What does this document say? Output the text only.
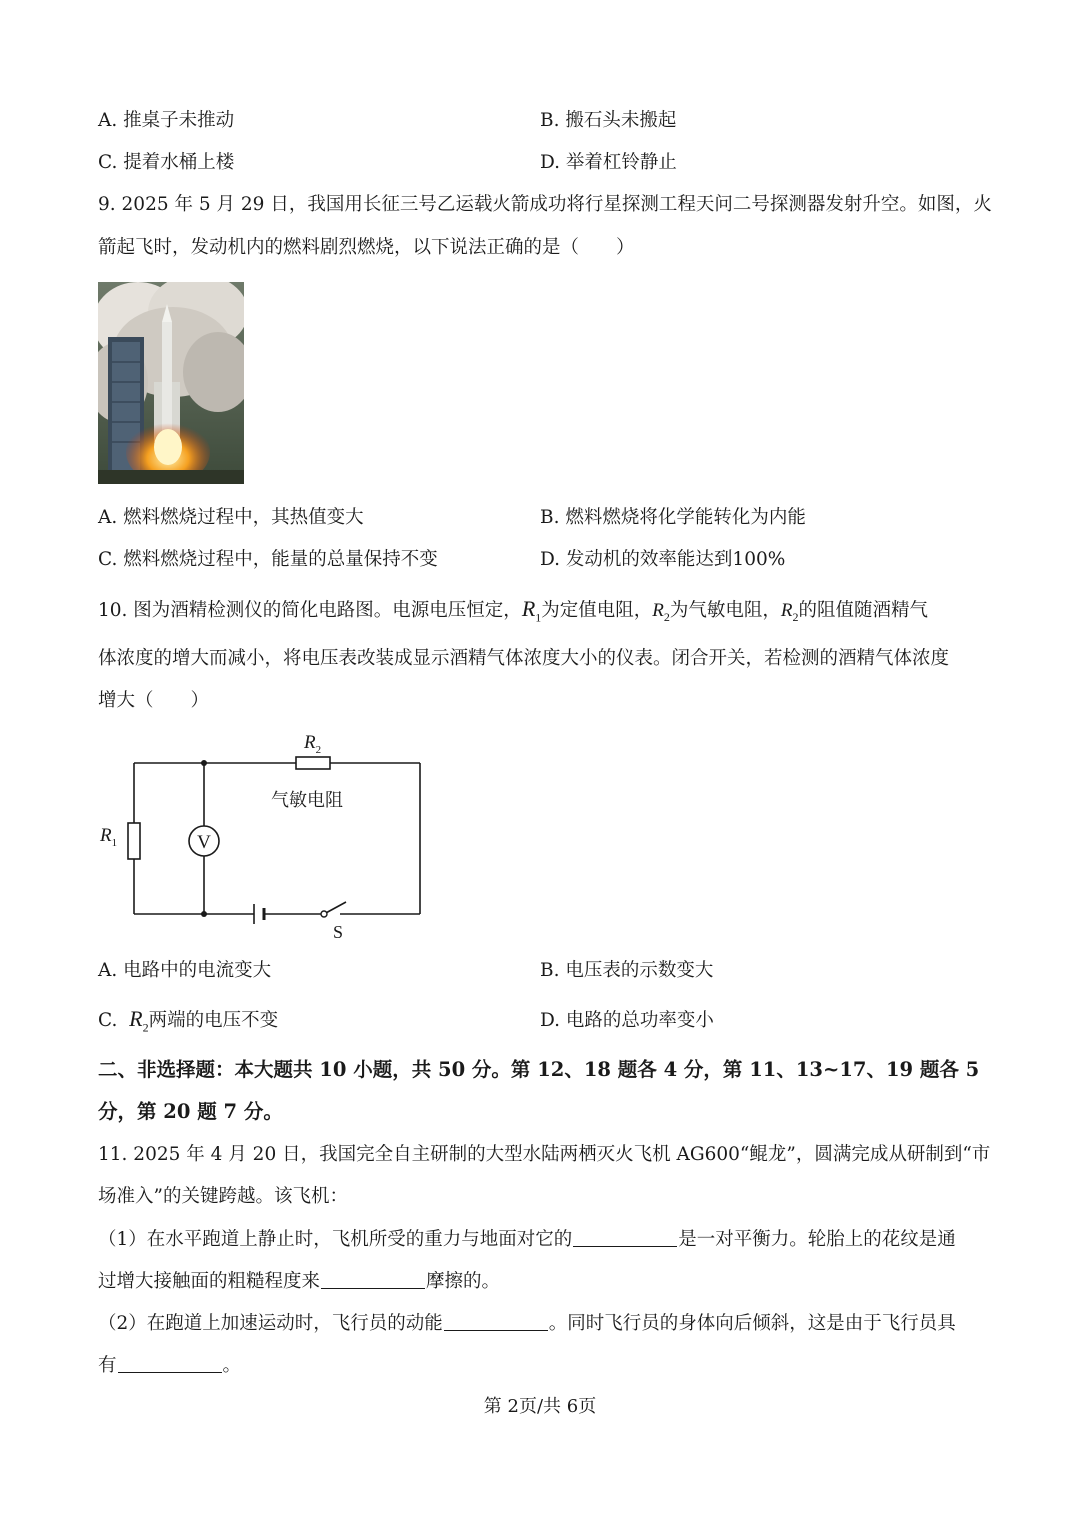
A. 推桌子未推动	B. 搬石头未搬起
C. 提着水桶上楼	D. 举着杠铃静止
9. 2025 年 5 月 29 日，我国用长征三号乙运载火箭成功将行星探测工程天问二号探测器发射升空。如图，火
箭起飞时，发动机内的燃料剧烈燃烧，以下说法正确的是（　　）
A. 燃料燃烧过程中，其热值变大	B. 燃料燃烧将化学能转化为内能
C. 燃料燃烧过程中，能量的总量保持不变	D. 发动机的效率能达到100%
10. 图为酒精检测仪的简化电路图。电源电压恒定，$R_1$为定值电阻，$R_2$为气敏电阻，$R_2$的阻值随酒精气
体浓度的增大而减小，将电压表改装成显示酒精气体浓度大小的仪表。闭合开关，若检测的酒精气体浓度
增大（　　）
V
$R_2$
气敏电阻
$R_1$
S
A. 电路中的电流变大	B. 电压表的示数变大
C. $R_2$两端的电压不变	D. 电路的总功率变小
二、非选择题：本大题共 10 小题，共 50 分。第 12、18 题各 4 分，第 11、13~17、19 题各 5
分，第 20 题 7 分。
11. 2025 年 4 月 20 日，我国完全自主研制的大型水陆两栖灭火飞机 AG600“鲲龙”，圆满完成从研制到“市
场准入”的关键跨越。该飞机：
（1）在水平跑道上静止时，飞机所受的重力与地面对它的	是一对平衡力。轮胎上的花纹是通
过增大接触面的粗糙程度来	摩擦的。
（2）在跑道上加速运动时，飞行员的动能	。同时飞行员的身体向后倾斜，这是由于飞行员具
有	。
第 2页/共 6页
